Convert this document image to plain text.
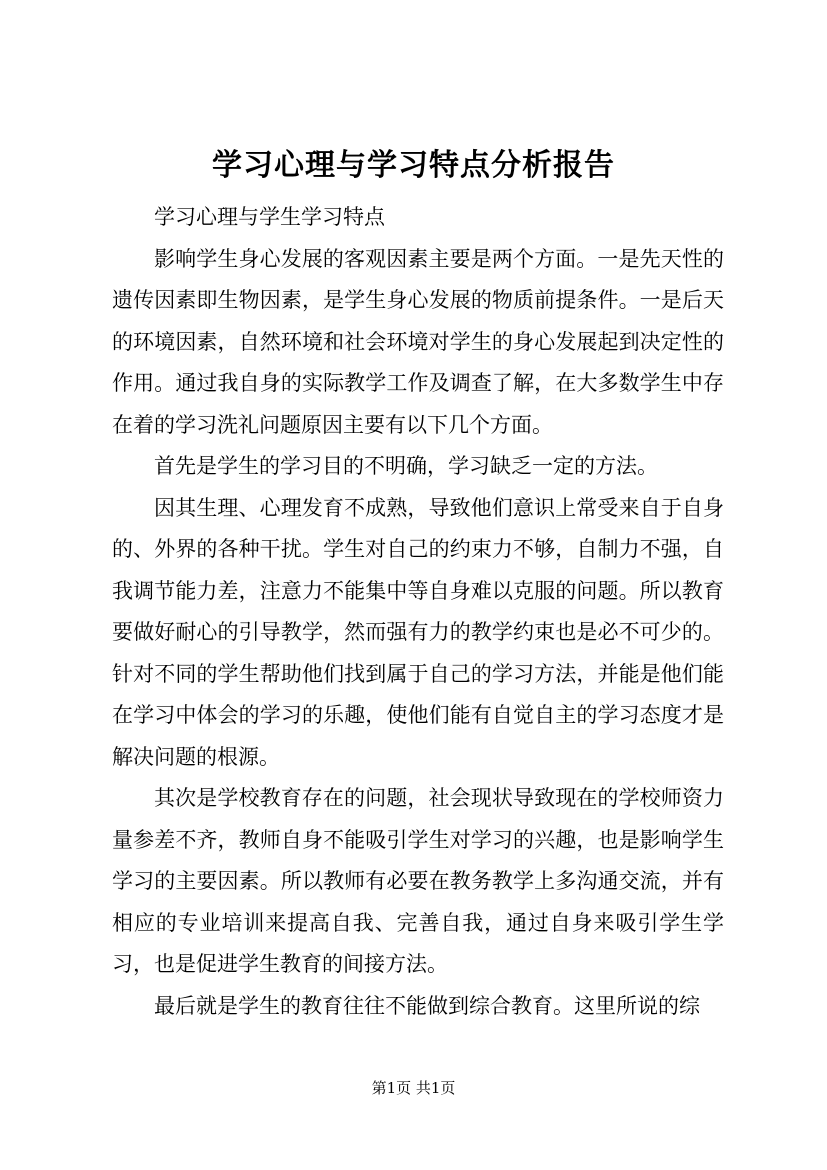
学习心理与学习特点分析报告

学习心理与学生学习特点

影响学生身心发展的客观因素主要是两个方面。一是先天性的遗传因素即生物因素，是学生身心发展的物质前提条件。一是后天的环境因素，自然环境和社会环境对学生的身心发展起到决定性的作用。通过我自身的实际教学工作及调查了解，在大多数学生中存在着的学习洗礼问题原因主要有以下几个方面。

首先是学生的学习目的不明确，学习缺乏一定的方法。

因其生理、心理发育不成熟，导致他们意识上常受来自于自身的、外界的各种干扰。学生对自己的约束力不够，自制力不强，自我调节能力差，注意力不能集中等自身难以克服的问题。所以教育要做好耐心的引导教学，然而强有力的教学约束也是必不可少的。针对不同的学生帮助他们找到属于自己的学习方法，并能是他们能在学习中体会的学习的乐趣，使他们能有自觉自主的学习态度才是解决问题的根源。

其次是学校教育存在的问题，社会现状导致现在的学校师资力量参差不齐，教师自身不能吸引学生对学习的兴趣，也是影响学生学习的主要因素。所以教师有必要在教务教学上多沟通交流，并有相应的专业培训来提高自我、完善自我，通过自身来吸引学生学习，也是促进学生教育的间接方法。

最后就是学生的教育往往不能做到综合教育。这里所说的综

第1页 共1页
